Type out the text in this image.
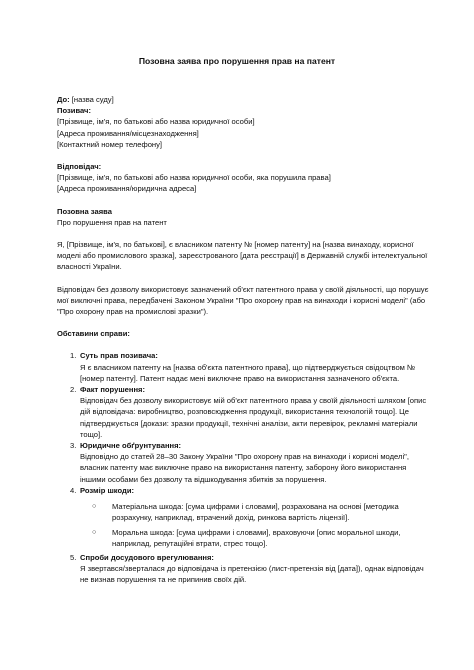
Позовна заява про порушення прав на патент

До: [назва суду]

Позивач:

[Прізвище, ім'я, по батькові або назва юридичної особи]

[Адреса проживання/місцезнаходження]

[Контактний номер телефону]

Відповідач:

[Прізвище, ім'я, по батькові або назва юридичної особи, яка порушила права]

[Адреса проживання/юридична адреса]

Позовна заява

Про порушення прав на патент

Я, [Прізвище, ім'я, по батькові], є власником патенту № [номер патенту] на [назва винаходу, корисної моделі або промислового зразка], зареєстрованого [дата реєстрації] в Державній службі інтелектуальної власності України.

Відповідач без дозволу використовує зазначений об'єкт патентного права у своїй діяльності, що порушує мої виключні права, передбачені Законом України "Про охорону прав на винаходи і корисні моделі" (або "Про охорону прав на промислові зразки").

Обставини справи:

1. Суть прав позивача:

Я є власником патенту на [назва об'єкта патентного права], що підтверджується свідоцтвом № [номер патенту]. Патент надає мені виключне право на використання зазначеного об'єкта.

2. Факт порушення:

Відповідач без дозволу використовує мій об'єкт патентного права у своїй діяльності шляхом [опис дій відповідача: виробництво, розповсюдження продукції, використання технологій тощо]. Це підтверджується [докази: зразки продукції, технічні аналізи, акти перевірок, рекламні матеріали тощо].

3. Юридичне обґрунтування:

Відповідно до статей 28–30 Закону України "Про охорону прав на винаходи і корисні моделі", власник патенту має виключне право на використання патенту, заборону його використання іншими особами без дозволу та відшкодування збитків за порушення.

4. Розмір шкоди:

○ Матеріальна шкода: [сума цифрами і словами], розрахована на основі [методика розрахунку, наприклад, втрачений дохід, ринкова вартість ліцензії].
○ Моральна шкода: [сума цифрами і словами], враховуючи [опис моральної шкоди, наприклад, репутаційні втрати, стрес тощо].
5. Спроби досудового врегулювання:

Я звертався/зверталася до відповідача із претензією (лист-претензія від [дата]), однак відповідач не визнав порушення та не припинив своїх дій.
